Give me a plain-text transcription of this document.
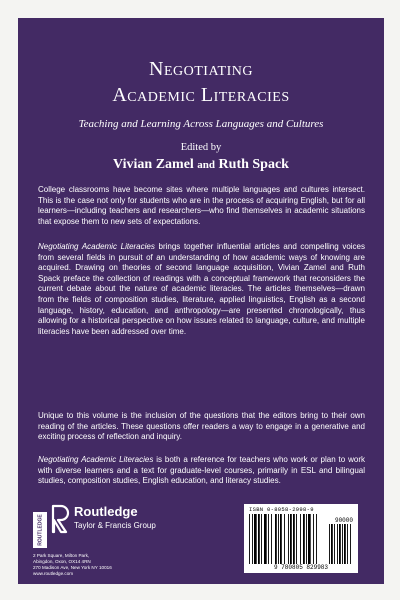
Negotiating
Academic Literacies
Teaching and Learning Across Languages and Cultures
Edited by
Vivian Zamel and Ruth Spack
College classrooms have become sites where multiple languages and cultures intersect. This is the case not only for students who are in the process of acquiring English, but for all learners—including teachers and researchers—who find themselves in academic situations that expose them to new sets of expectations.
Negotiating Academic Literacies brings together influential articles and compelling voices from several fields in pursuit of an understanding of how academic ways of knowing are acquired. Drawing on theories of second language acquisition, Vivian Zamel and Ruth Spack preface the collection of readings with a conceptual framework that reconsiders the current debate about the nature of academic literacies. The articles themselves—drawn from the fields of composition studies, literature, applied linguistics, English as a second language, history, education, and anthropology—are presented chronologically, thus allowing for a historical perspective on how issues related to language, culture, and multiple literacies have been addressed over time.
Unique to this volume is the inclusion of the questions that the editors bring to their own reading of the articles. These questions offer readers a way to engage in a generative and exciting process of reflection and inquiry.
Negotiating Academic Literacies is both a reference for teachers who work or plan to work with diverse learners and a text for graduate-level courses, primarily in ESL and bilingual studies, composition studies, English education, and literacy studies.
ROUTLEDGE
Routledge
Taylor & Francis Group
2 Park Square, Milton Park,
Abingdon, Oxon, OX14 4RN
270 Madison Ave, New York NY 10016
www.routledge.com
ISBN 0-8058-2998-9
90000
9 780805 829983
